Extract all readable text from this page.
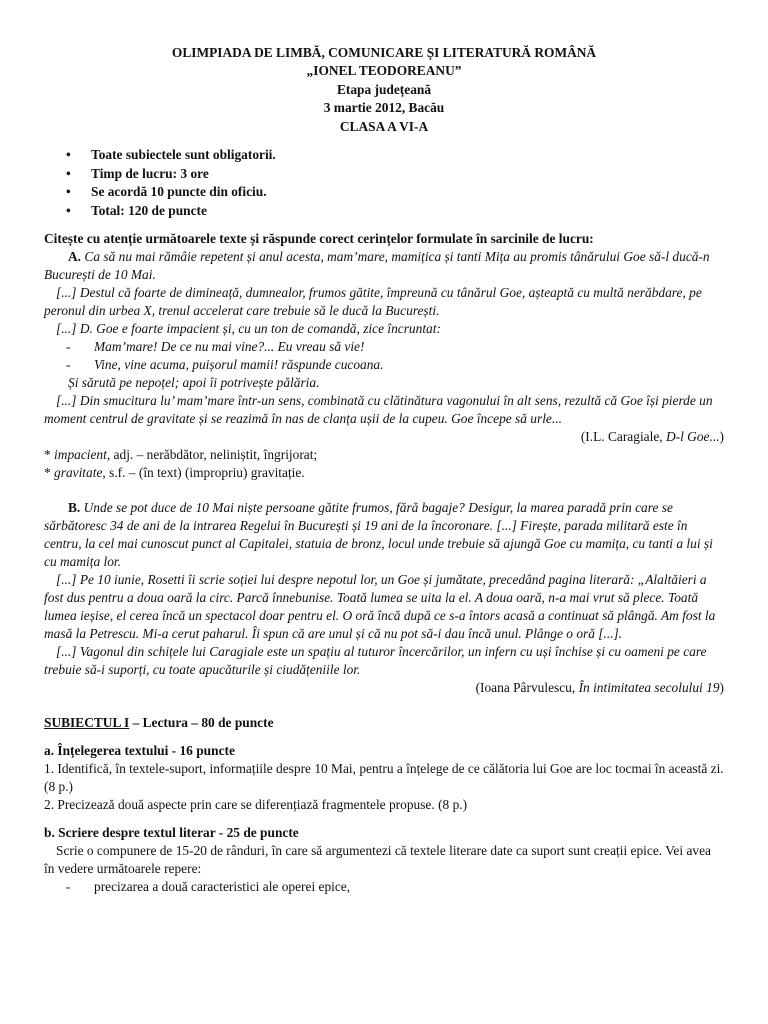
OLIMPIADA DE LIMBĂ, COMUNICARE ȘI LITERATURĂ ROMÂNĂ
„IONEL TEODOREANU”
Etapa județeană
3 martie 2012, Bacău
CLASA A VI-A
• Toate subiectele sunt obligatorii.
• Timp de lucru: 3 ore
• Se acordă 10 puncte din oficiu.
• Total: 120 de puncte
Citește cu atenție următoarele texte și răspunde corect cerințelor formulate în sarcinile de lucru:

A. Ca să nu mai rămâie repetent și anul acesta, mam’mare, mamițica și tanti Mița au promis tânărului Goe să-l ducă-n București de 10 Mai.

[...] Destul că foarte de dimineață, dumnealor, frumos gătite, împreună cu tânărul Goe, așteaptă cu multă nerăbdare, pe peronul din urbea X, trenul accelerat care trebuie să le ducă la București.

[...] D. Goe e foarte impacient și, cu un ton de comandă, zice încruntat:

- Mam’mare! De ce nu mai vine?... Eu vreau să vie!

- Vine, vine acuma, puișorul mamii! răspunde cucoana.

Și sărută pe nepoțel; apoi îi potrivește pălăria.

[...] Din smucitura lu’ mam’mare într-un sens, combinată cu clătinătura vagonului în alt sens, rezultă că Goe își pierde un moment centrul de gravitate și se reazimă în nas de clanța ușii de la cupeu. Goe începe să urle...

(I.L. Caragiale, D-l Goe...)

* impacient, adj. – nerăbdător, neliniștit, îngrijorat;

* gravitate, s.f. – (în text) (impropriu) gravitație.

B. Unde se pot duce de 10 Mai niște persoane gătite frumos, fără bagaje? Desigur, la marea paradă prin care se sărbătoresc 34 de ani de la intrarea Regelui în București și 19 ani de la încoronare. [...] Firește, parada militară este în centru, la cel mai cunoscut punct al Capitalei, statuia de bronz, locul unde trebuie să ajungă Goe cu mamița, cu tanti a lui și cu mamița lor.

[...] Pe 10 iunie, Rosetti îi scrie soției lui despre nepotul lor, un Goe și jumătate, precedând pagina literară: „Alaltăieri a fost dus pentru a doua oară la circ. Parcă înnebunise. Toată lumea se uita la el. A doua oară, n-a mai vrut să plece. Toată lumea ieșise, el cerea încă un spectacol doar pentru el. O oră încă după ce s-a întors acasă a continuat să plângă. Am fost la masă la Petrescu. Mi-a cerut paharul. Îi spun că are unul și că nu pot să-i dau încă unul. Plânge o oră [...].

[...] Vagonul din schițele lui Caragiale este un spațiu al tuturor încercărilor, un infern cu uși închise și cu oameni pe care trebuie să-i suporți, cu toate apucăturile și ciudățeniile lor.

(Ioana Pârvulescu, În intimitatea secolului 19)

SUBIECTUL I – Lectura – 80 de puncte
a. Înțelegerea textului - 16 puncte

1. Identifică, în textele-suport, informațiile despre 10 Mai, pentru a înțelege de ce călătoria lui Goe are loc tocmai în această zi. (8 p.)

2. Precizează două aspecte prin care se diferențiază fragmentele propuse. (8 p.)

b. Scriere despre textul literar - 25 de puncte

Scrie o compunere de 15-20 de rânduri, în care să argumentezi că textele literare date ca suport sunt creații epice. Vei avea în vedere următoarele repere:

- precizarea a două caracteristici ale operei epice,
